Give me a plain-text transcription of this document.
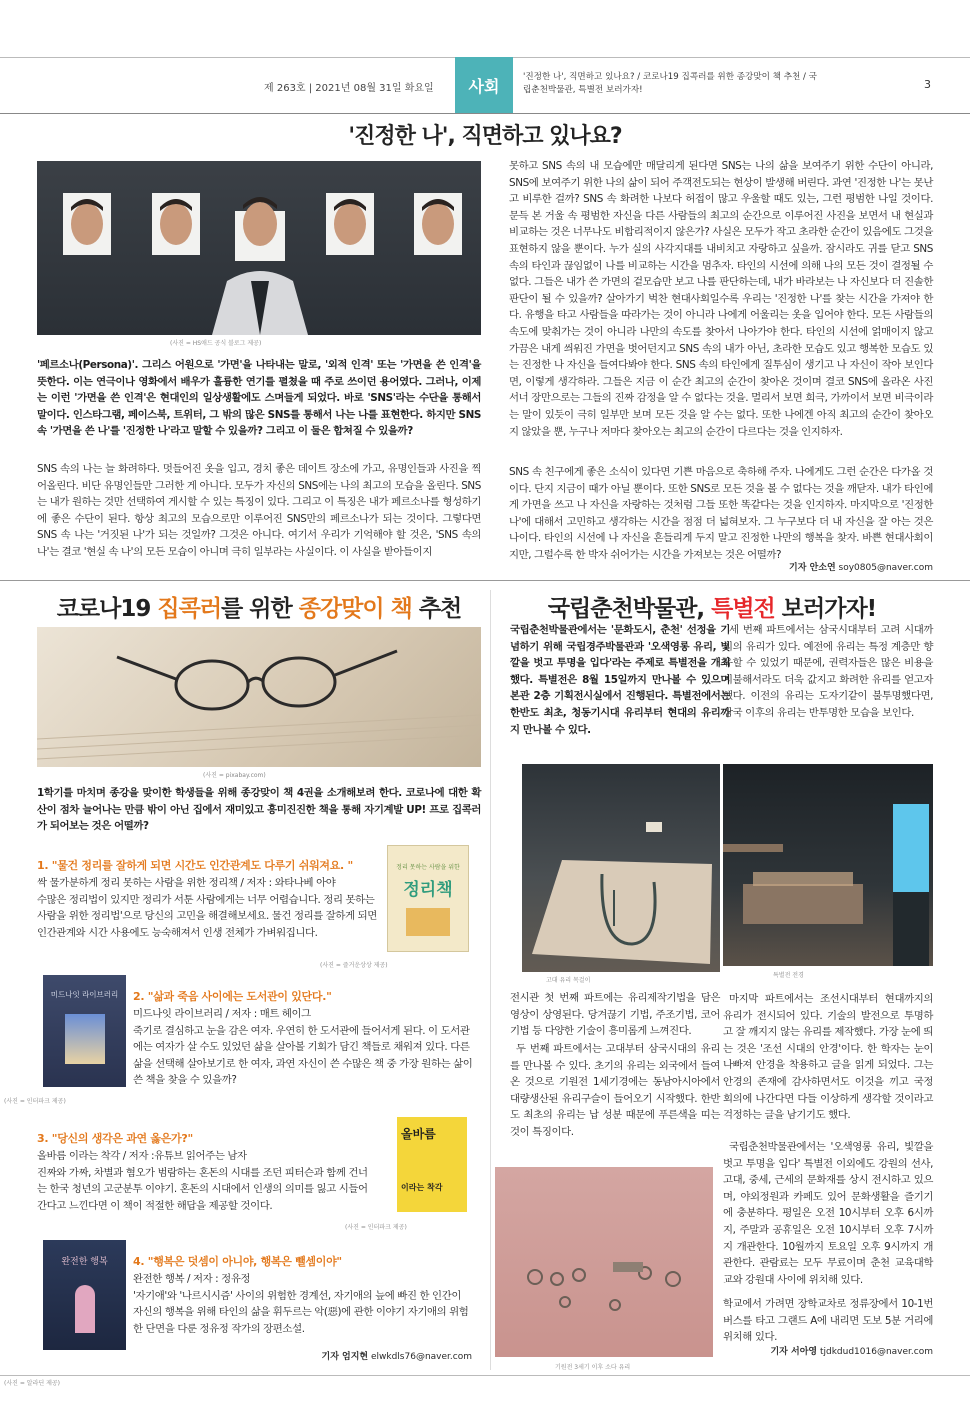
제 263호 | 2021년 08월 31일 화요일	사회	'진정한 나', 직면하고 있나요? / 코로나19 집콕러를 위한 종강맞이 책 추천 / 국립춘천박물관, 특별전 보러가자!	3
'진정한 나', 직면하고 있나요?
(사진 = HS애드 공식 블로그 제공)

'페르소나(Persona)'. 그리스 어원으로 '가면'을 나타내는 말로, '외적 인격' 또는 '가면을 쓴 인격'을 뜻한다. 이는 연극이나 영화에서 배우가 훌륭한 연기를 펼쳤을 때 주로 쓰이던 용어였다. 그러나, 이제는 이런 '가면을 쓴 인격'은 현대인의 일상생활에도 스며들게 되었다. 바로 'SNS'라는 수단을 통해서 말이다. 인스타그램, 페이스북, 트위터, 그 밖의 많은 SNS를 통해서 나는 나를 표현한다. 하지만 SNS 속 '가면을 쓴 나'를 '진정한 나'라고 말할 수 있을까? 그리고 이 둘은 합쳐질 수 있을까?

SNS 속의 나는 늘 화려하다. 멋들어진 옷을 입고, 경치 좋은 데이트 장소에 가고, 유명인들과 사진을 찍어올린다. 비단 유명인들만 그러한 게 아니다. 모두가 자신의 SNS에는 나의 최고의 모습을 올린다. SNS는 내가 원하는 것만 선택하여 게시할 수 있는 특징이 있다. 그리고 이 특징은 내가 페르소나를 형성하기에 좋은 수단이 된다. 항상 최고의 모습으로만 이루어진 SNS만의 페르소나가 되는 것이다. 그렇다면 SNS 속 나는 '거짓된 나'가 되는 것일까? 그것은 아니다. 여기서 우리가 기억해야 할 것은, 'SNS 속의 나'는 결코 '현실 속 나'의 모든 모습이 아니며 극히 일부라는 사실이다. 이 사실을 받아들이지

못하고 SNS 속의 내 모습에만 매달리게 된다면 SNS는 나의 삶을 보여주기 위한 수단이 아니라, SNS에 보여주기 위한 나의 삶이 되어 주객전도되는 현상이 발생해 버린다. 과연 '진정한 나'는 못난고 비루한 걸까? SNS 속 화려한 나보다 허접이 많고 우울할 때도 있는, 그런 평범한 나일 것이다. 문득 본 거울 속 평범한 자신을 다른 사람들의 최고의 순간으로 이루어진 사진을 보면서 내 현실과 비교하는 것은 너무나도 비합리적이지 않은가? 사실은 모두가 작고 초라한 순간이 있음에도 그것을 표현하지 않을 뿐이다. 누가 실의 사각지대를 내비치고 자랑하고 싶을까. 잠시라도 귀를 닫고 SNS 속의 타인과 끊임없이 나를 비교하는 시간을 멈추자. 타인의 시선에 의해 나의 모든 것이 결정될 수 없다. 그들은 내가 쓴 가면의 겉모습만 보고 나를 판단하는데, 내가 바라보는 나 자신보다 더 진솔한 판단이 될 수 있을까? 살아가기 벅찬 현대사회일수록 우리는 '진정한 나'를 찾는 시간을 가져야 한다. 유행을 타고 사람들을 따라가는 것이 아니라 나에게 어울리는 옷을 입어야 한다. 모든 사람들의 속도에 맞춰가는 것이 아니라 나만의 속도를 찾아서 나아가야 한다. 타인의 시선에 얽매이지 않고 가끔은 내게 씌워진 가면을 벗어던지고 SNS 속의 내가 아닌, 초라한 모습도 있고 행복한 모습도 있는 진정한 나 자신을 들여다봐야 한다. SNS 속의 타인에게 질투심이 생기고 나 자신이 작아 보인다면, 이렇게 생각하라. 그들은 지금 이 순간 최고의 순간이 찾아온 것이며 결코 SNS에 올라온 사진 서너 장만으로는 그들의 진짜 감정을 알 수 없다는 것을. 멀리서 보면 희극, 가까이서 보면 비극이라는 말이 있듯이 극히 일부만 보며 모든 것을 알 수는 없다. 또한 나에겐 아직 최고의 순간이 찾아오지 않았을 뿐, 누구나 저마다 찾아오는 최고의 순간이 다르다는 것을 인지하자.

SNS 속 친구에게 좋은 소식이 있다면 기쁜 마음으로 축하해 주자. 나에게도 그런 순간은 다가올 것이다. 단지 지금이 때가 아닐 뿐이다. 또한 SNS로 모든 것을 볼 수 없다는 것을 깨닫자. 내가 타인에게 가면을 쓰고 나 자신을 자랑하는 것처럼 그들 또한 똑같다는 것을 인지하자. 마지막으로 '진정한 나'에 대해서 고민하고 생각하는 시간을 점점 더 넓혀보자. 그 누구보다 더 내 자신을 잘 아는 것은 나이다. 타인의 시선에 나 자신을 흔들리게 두지 말고 진정한 나만의 행복을 찾자. 바쁜 현대사회이지만, 그럴수록 한 박자 쉬어가는 시간을 가져보는 것은 어떨까?

기자 안소연 soy0805@naver.com
코로나19 집콕러를 위한 종강맞이 책 추천
(사진 = pixabay.com)

1학기를 마치며 종강을 맞이한 학생들을 위해 종강맞이 책 4권을 소개해보려 한다. 코로나에 대한 확산이 점차 늘어나는 만큼 밖이 아닌 집에서 재미있고 흥미진진한 책을 통해 자기계발 UP! 프로 집콕러가 되어보는 것은 어떨까?

1. "물건 정리를 잘하게 되면 시간도 인간관계도 다루기 쉬워져요. "

싹 물가분하게 정리 못하는 사람을 위한 정리책 / 저자 : 와타나베 아야

수많은 정리법이 있지만 정리가 서툰 사람에게는 너무 어렵습니다. 정리 못하는 사람을 위한 정리법'으로 당신의 고민을 해결해보세요. 물건 정리를 잘하게 되면 인간관계와 시간 사용에도 능숙해져서 인생 전체가 가벼워집니다.

정리 못하는 사람을 위한
정리책
(사진 = 즐거운상상 제공)
미드나잇 라이브러리
(사진 = 인터파크 제공)

2. "삶과 죽음 사이에는 도서관이 있단다."

미드나잇 라이브러리 / 저자 : 매트 헤이그

죽기로 결심하고 눈을 감은 여자. 우연히 한 도서관에 들어서게 된다. 이 도서관에는 여자가 살 수도 있었던 삶을 살아볼 기회가 담긴 책들로 채워져 있다. 다른 삶을 선택해 살아보기로 한 여자, 과연 자신이 쓴 수많은 책 중 가장 원하는 삶이 쓴 책을 찾을 수 있을까?

3. "당신의 생각은 과연 옳은가?"

올바름 이라는 착각 / 저자 :유튜브 읽어주는 남자

진짜와 가짜, 차별과 혐오가 범람하는 혼돈의 시대를 조던 피터슨과 함께 건너는 한국 청년의 고군분투 이야기. 혼돈의 시대에서 인생의 의미를 잃고 시들어간다고 느낀다면 이 책이 적절한 해답을 제공할 것이다.

올바름
이라는 착각
(사진 = 인터파크 제공)
완전한 행복
(사진 = 알라딘 제공)

4. "행복은 덧셈이 아니야, 행복은 뺄셈이야"

완전한 행복 / 저자 : 정유정

'자기애'와 '나르시시즘' 사이의 위험한 경계선, 자기애의 늪에 빠진 한 인간이 자신의 행복을 위해 타인의 삶을 휘두르는 악(惡)에 관한 이야기 자기애의 위험한 단면을 다룬 정유정 작가의 장편소설.

기자 엄지현 elwkdls76@naver.com
국립춘천박물관, 특별전 보러가자!

국립춘천박물관에서는 '문화도시, 춘천' 선정을 기념하기 위해 국립경주박물관과 '오색영롱 유리, 빛깔을 벗고 투명을 입다'라는 주제로 특별전을 개최했다. 특별전은 8월 15일까지 만나볼 수 있으며 본관 2층 기획전시실에서 진행된다. 특별전에서는 한반도 최초, 청동기시대 유리부터 현대의 유리까지 만나볼 수 있다.

세 번째 파트에서는 삼국시대부터 고려 시대까지의 유리가 있다. 예전에 유리는 특정 계층만 향유할 수 있었기 때문에, 권력자들은 많은 비용을 지불해서라도 더욱 값지고 화려한 유리를 얻고자 했다. 이전의 유리는 도자기같이 불투명했다면, 삼국 이후의 유리는 반투명한 모습을 보인다.

고대 유리 목걸이
특별전 전경

전시관 첫 번째 파트에는 유리제작기법을 담은 영상이 상영된다. 당겨끊기 기법, 주조기법, 코어기법 등 다양한 기술이 흥미롭게 느껴진다.

두 번째 파트에서는 고대부터 삼국시대의 유리를 만나볼 수 있다. 초기의 유리는 외국에서 들여온 것으로 기원전 1세기경에는 동남아시아에서 대량생산된 유리구슬이 들어오기 시작했다. 한반도 최초의 유리는 납 성분 때문에 푸른색을 띠는 것이 특징이다.

기원전 3세기 이후 소다 유리

마지막 파트에서는 조선시대부터 현대까지의 유리가 전시되어 있다. 기술의 발전으로 투명하고 잘 깨지지 않는 유리를 제작했다. 가장 눈에 띄는 것은 '조선 시대의 안경'이다. 한 학자는 눈이 나빠져 안경을 착용하고 글을 읽게 되었다. 그는 안경의 존재에 감사하면서도 이것을 끼고 국정 회의에 나간다면 다들 이상하게 생각할 것이라고 걱정하는 글을 남기기도 했다.

국립춘천박물관에서는 '오색영롱 유리, 빛깔을 벗고 투명을 입다' 특별전 이외에도 강원의 선사, 고대, 중세, 근세의 문화재를 상시 전시하고 있으며, 야외정원과 카페도 있어 문화생활을 즐기기에 충분하다. 평일은 오전 10시부터 오후 6시까지, 주말과 공휴일은 오전 10시부터 오후 7시까지 개관한다. 10월까지 토요일 오후 9시까지 개관한다. 관람료는 모두 무료이며 춘천 교육대학교와 강원대 사이에 위치해 있다.

학교에서 가려면 장학교차로 정류장에서 10-1번 버스를 타고 그랜드 A에 내리면 도보 5분 거리에 위치해 있다.

기자 서아영 tjdkdud1016@naver.com
